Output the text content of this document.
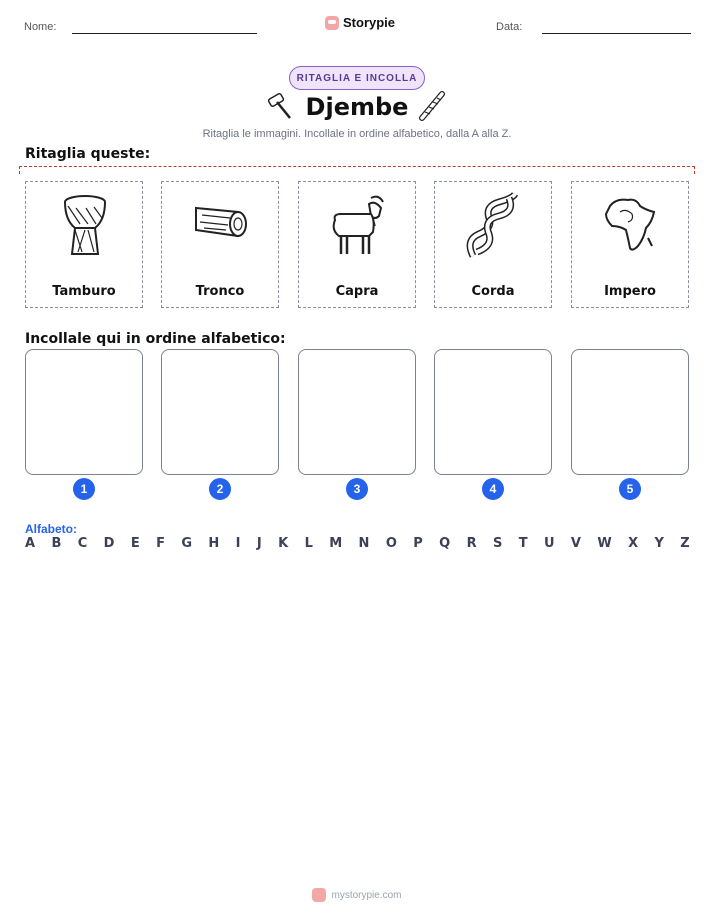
Nome:	Storypie	Data:
RITAGLIA E INCOLLA
Djembe
Ritaglia le immagini. Incollale in ordine alfabetico, dalla A alla Z.
Ritaglia queste:
Tamburo	Tronco	Capra	Corda	Impero
Incollale qui in ordine alfabetico:
1	2	3	4	5
Alfabeto:
A B C D E F G H I J K L M N O P Q R S T U V W X Y Z
mystorypie.com
